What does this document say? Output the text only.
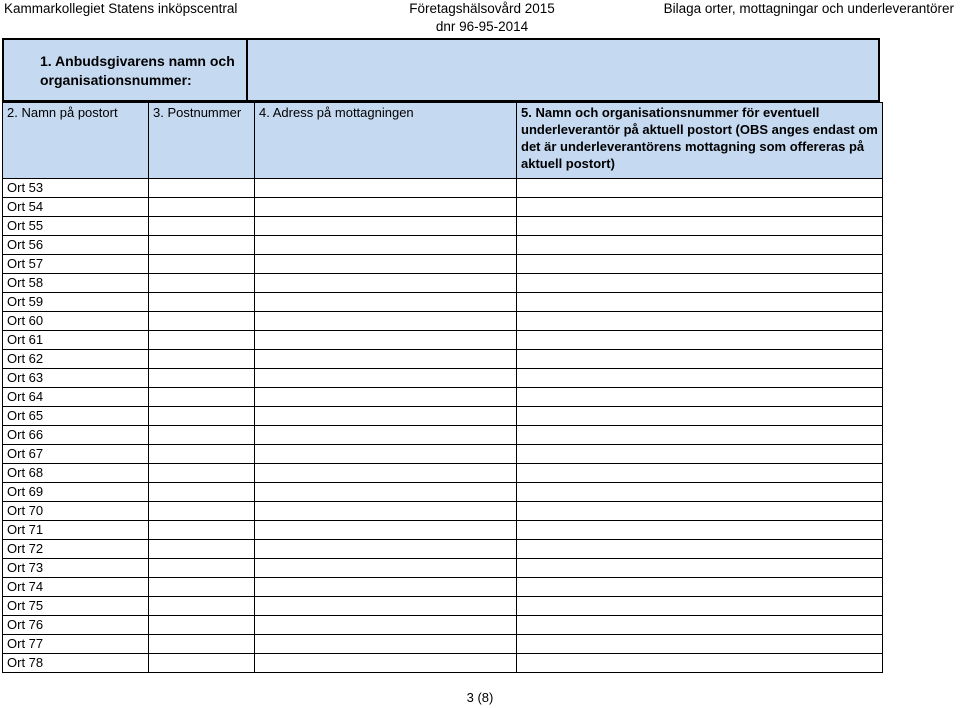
Kammarkollegiet Statens inköpscentral	Företagshälsovård 2015
dnr 96-95-2014
Bilaga orter, mottagningar och underleverantörer
1. Anbudsgivarens namn och organisationsnummer:
2. Namn på postort	3. Postnummer	4. Adress på mottagningen	5. Namn och organisationsnummer för eventuell underleverantör på aktuell postort (OBS anges endast om det är underleverantörens mottagning som offereras på aktuell postort)
Ort 53			
Ort 54			
Ort 55			
Ort 56			
Ort 57			
Ort 58			
Ort 59			
Ort 60			
Ort 61			
Ort 62			
Ort 63			
Ort 64			
Ort 65			
Ort 66			
Ort 67			
Ort 68			
Ort 69			
Ort 70			
Ort 71			
Ort 72			
Ort 73			
Ort 74			
Ort 75			
Ort 76			
Ort 77			
Ort 78			
3 (8)
